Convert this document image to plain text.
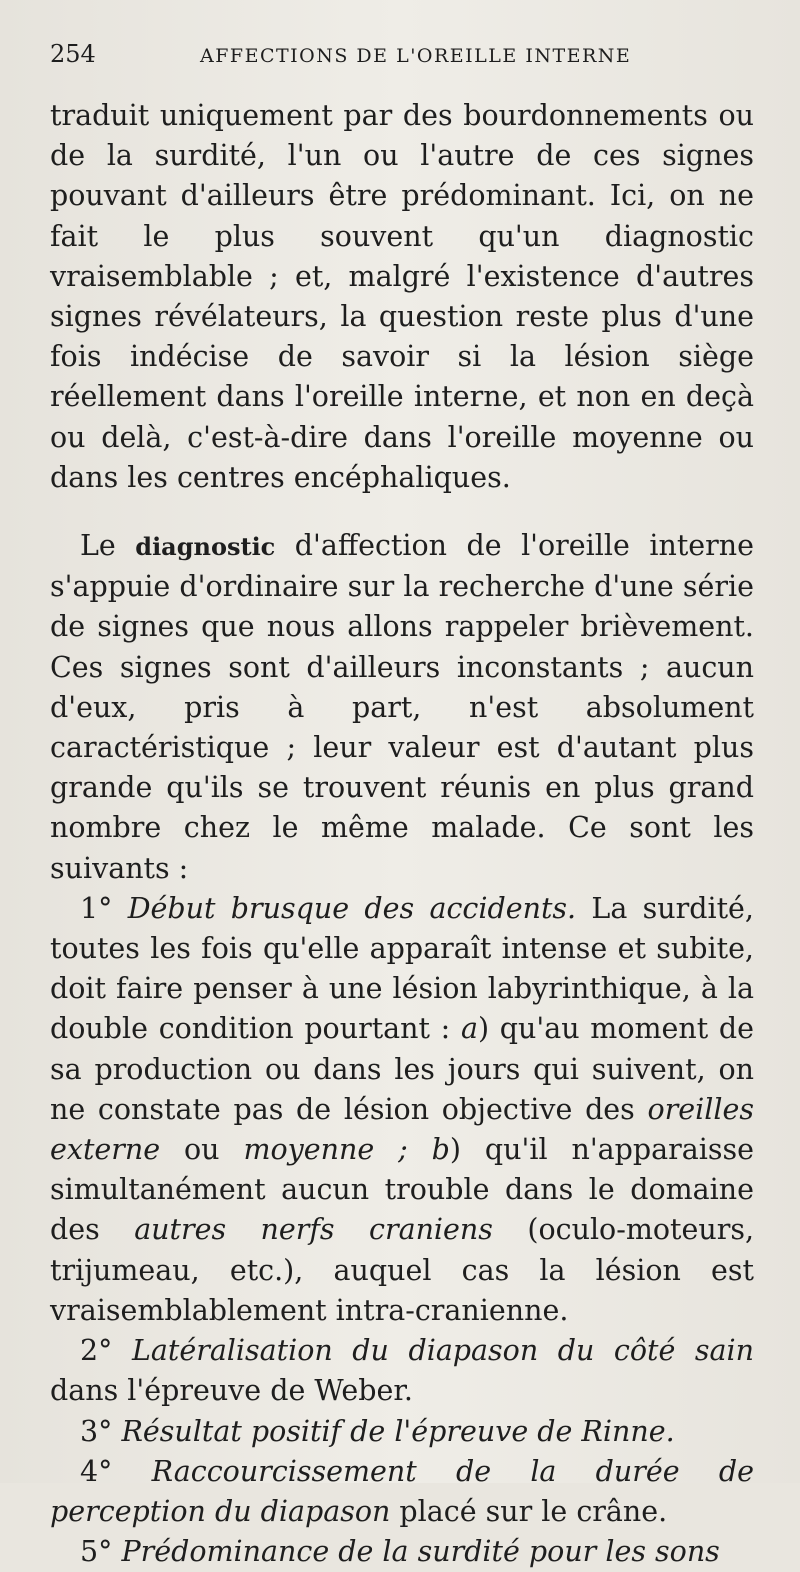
254	AFFECTIONS DE L'OREILLE INTERNE

traduit uniquement par des bourdonnements ou de la surdité, l'un ou l'autre de ces signes pouvant d'ailleurs être prédominant. Ici, on ne fait le plus souvent qu'un diagnostic vraisemblable ; et, malgré l'existence d'autres signes révélateurs, la question reste plus d'une fois indécise de savoir si la lésion siège réellement dans l'oreille interne, et non en deçà ou delà, c'est-à-dire dans l'oreille moyenne ou dans les centres encéphaliques.

Le diagnostic d'affection de l'oreille interne s'appuie d'ordinaire sur la recherche d'une série de signes que nous allons rappeler brièvement. Ces signes sont d'ailleurs inconstants ; aucun d'eux, pris à part, n'est absolument caractéristique ; leur valeur est d'autant plus grande qu'ils se trouvent réunis en plus grand nombre chez le même malade. Ce sont les suivants :

1° Début brusque des accidents. La surdité, toutes les fois qu'elle apparaît intense et subite, doit faire penser à une lésion labyrinthique, à la double condition pourtant : a) qu'au moment de sa production ou dans les jours qui suivent, on ne constate pas de lésion objective des oreilles externe ou moyenne ; b) qu'il n'apparaisse simultanément aucun trouble dans le domaine des autres nerfs craniens (oculo-moteurs, trijumeau, etc.), auquel cas la lésion est vraisemblablement intra-cranienne.

2° Latéralisation du diapason du côté sain dans l'épreuve de Weber.

3° Résultat positif de l'épreuve de Rinne.

4° Raccourcissement de la durée de perception du diapason placé sur le crâne.

5° Prédominance de la surdité pour les sons
